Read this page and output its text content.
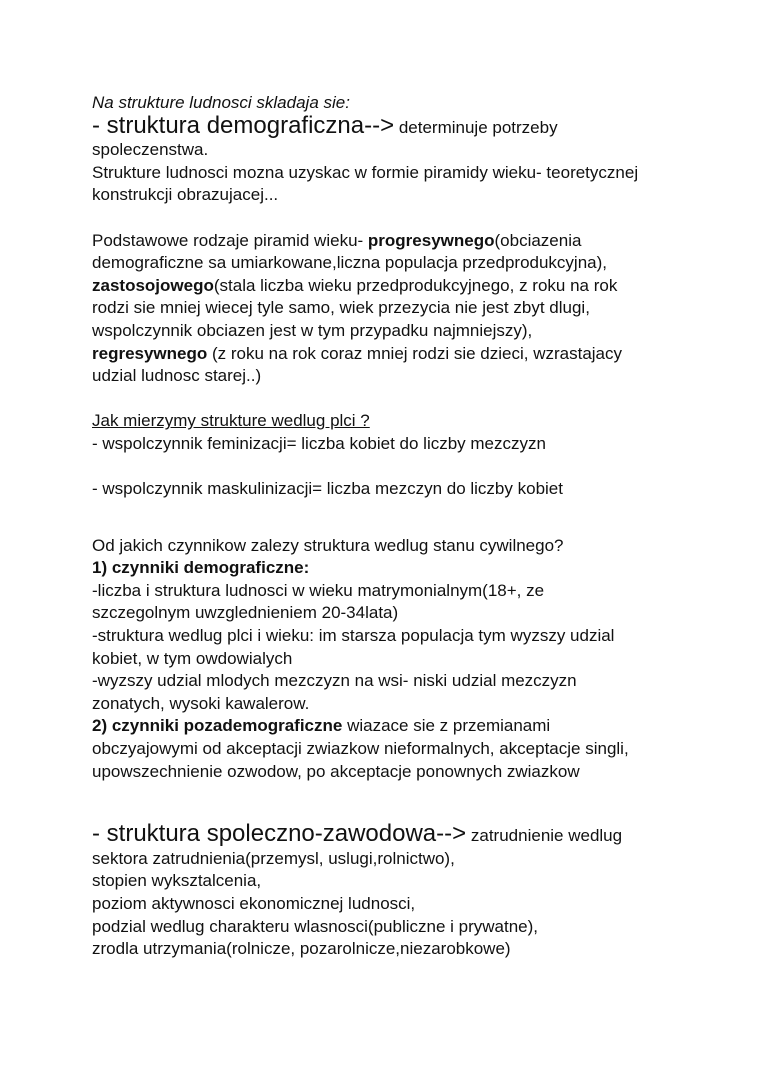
Na strukture ludnosci skladaja sie:
- struktura demograficzna--> determinuje potrzeby
spoleczenstwa.
Strukture ludnosci mozna uzyskac w formie piramidy wieku- teoretycznej
konstrukcji obrazujacej...
Podstawowe rodzaje piramid wieku- progresywnego(obciazenia
demograficzne sa umiarkowane,liczna populacja przedprodukcyjna),
zastosojowego(stala liczba wieku przedprodukcyjnego, z roku na rok
rodzi sie mniej wiecej tyle samo, wiek przezycia nie jest zbyt dlugi,
wspolczynnik obciazen jest w tym przypadku najmniejszy),
regresywnego (z roku na rok coraz mniej rodzi sie dzieci, wzrastajacy
udzial ludnosc starej..)
Jak mierzymy strukture wedlug plci ?
- wspolczynnik feminizacji= liczba kobiet do liczby mezczyzn
- wspolczynnik maskulinizacji= liczba mezczyn do liczby kobiet
Od jakich czynnikow zalezy struktura wedlug stanu cywilnego?
1) czynniki demograficzne:
-liczba i struktura ludnosci w wieku matrymonialnym(18+, ze
szczegolnym uwzglednieniem 20-34lata)
-struktura wedlug plci i wieku: im starsza populacja tym wyzszy udzial
kobiet, w tym owdowialych
-wyzszy udzial mlodych mezczyzn na wsi- niski udzial mezczyzn
zonatych, wysoki kawalerow.
2) czynniki pozademograficzne wiazace sie z przemianami
obczyajowymi od akceptacji zwiazkow nieformalnych, akceptacje singli,
upowszechnienie ozwodow, po akceptacje ponownych zwiazkow
- struktura spoleczno-zawodowa--> zatrudnienie wedlug
sektora zatrudnienia(przemysl, uslugi,rolnictwo),
stopien wyksztalcenia,
poziom aktywnosci ekonomicznej ludnosci,
podzial wedlug charakteru wlasnosci(publiczne i prywatne),
zrodla utrzymania(rolnicze, pozarolnicze,niezarobkowe)
